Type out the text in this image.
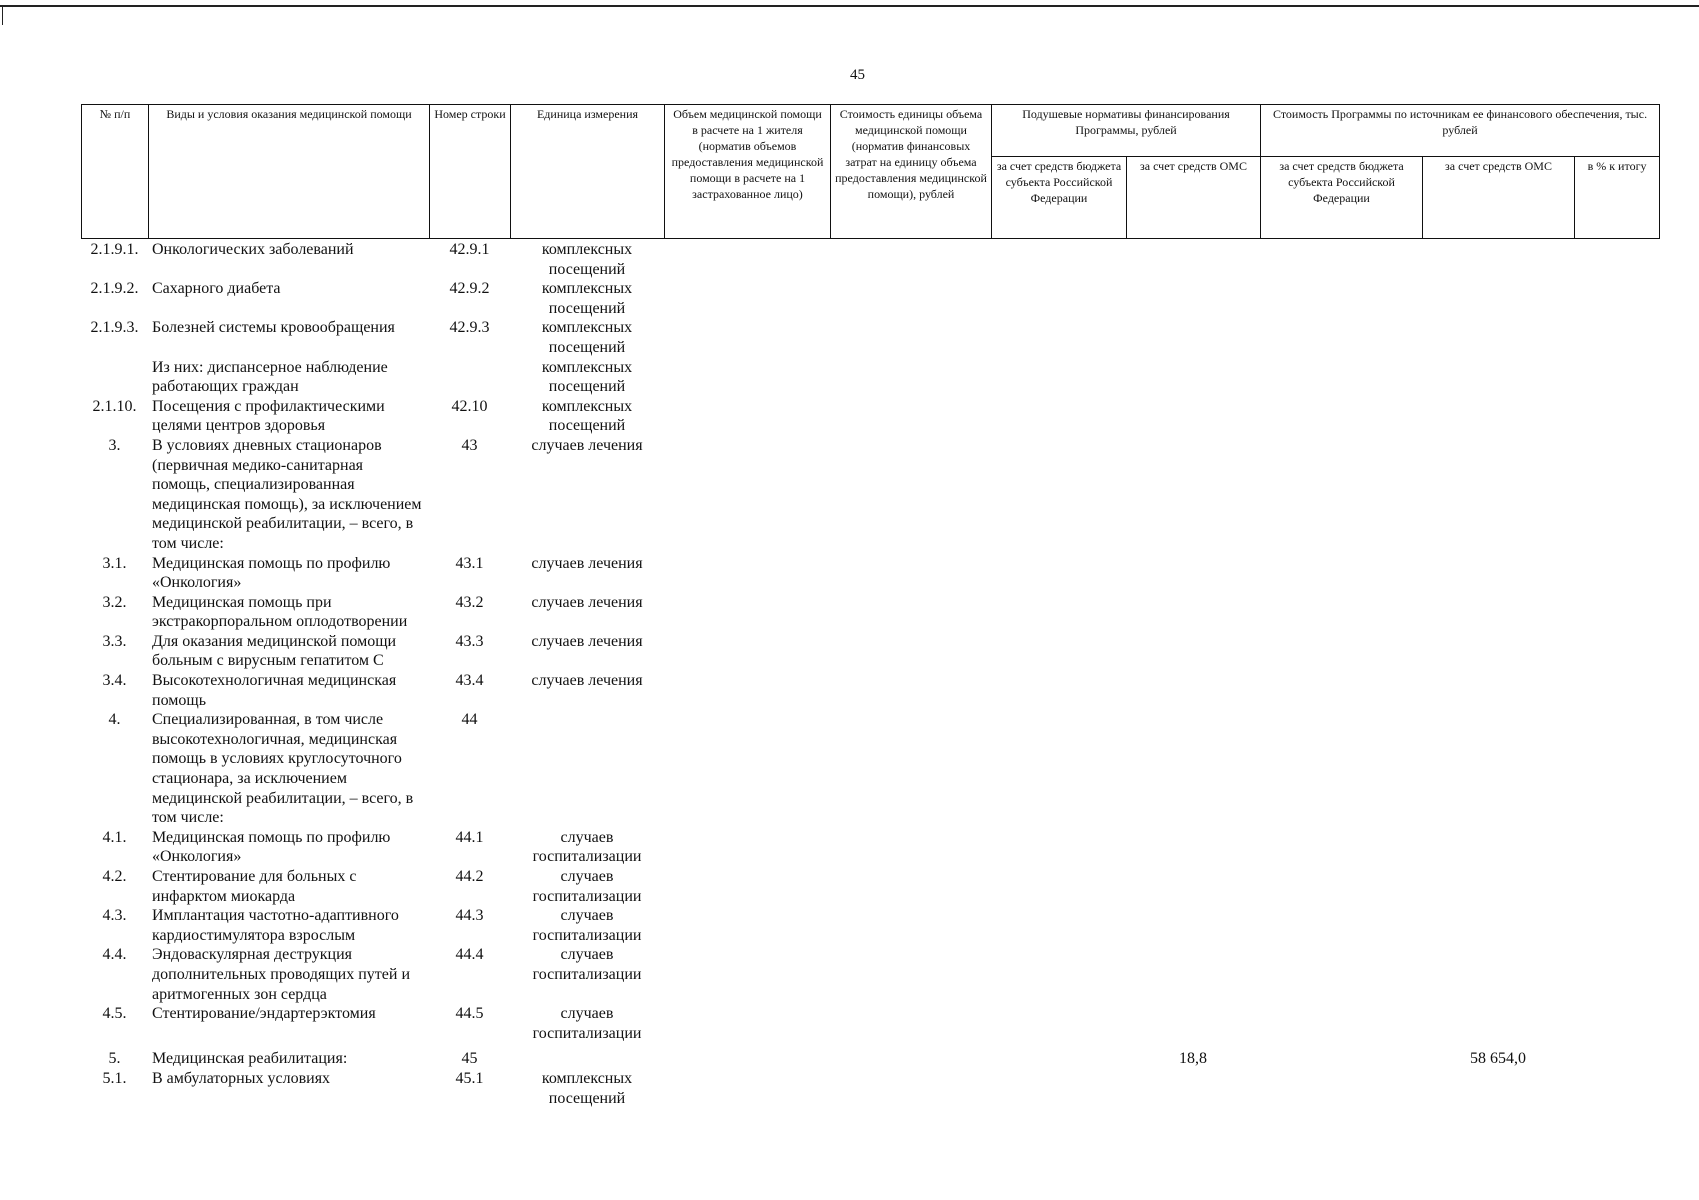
45
№ п/п	Виды и условия оказания медицинской помощи	Номер строки	Единица измерения	Объем медицинской помощи в расчете на 1 жителя (норматив объемов предоставления медицинской помощи в расчете на 1 застрахованное лицо)	Стоимость единицы объема медицинской помощи (норматив финансовых затрат на единицу объема предоставления медицинской помощи), рублей	Подушевые нормативы финансирования Программы, рублей		Стоимость Программы по источникам ее финансового обеспечения, тыс. рублей		
						за счет средств бюджета субъекта Российской Федерации	за счет средств ОМС	за счет средств бюджета субъекта Российской Федерации	за счет средств ОМС	в % к итогу
2.1.9.1.	Онкологических заболеваний	42.9.1	комплексных посещений							
2.1.9.2.	Сахарного диабета	42.9.2	комплексных посещений							
2.1.9.3.	Болезней системы кровообращения	42.9.3	комплексных посещений							
	Из них: диспансерное наблюдение работающих граждан		комплексных посещений							
2.1.10.	Посещения с профилактическими целями центров здоровья	42.10	комплексных посещений							
3.	В условиях дневных стационаров (первичная медико-санитарная помощь, специализированная медицинская помощь), за исключением медицинской реабилитации, – всего, в том числе:	43	случаев лечения							
3.1.	Медицинская помощь по профилю «Онкология»	43.1	случаев лечения							
3.2.	Медицинская помощь при экстракорпоральном оплодотворении	43.2	случаев лечения							
3.3.	Для оказания медицинской помощи больным с вирусным гепатитом С	43.3	случаев лечения							
3.4.	Высокотехнологичная медицинская помощь	43.4	случаев лечения							
4.	Специализированная, в том числе высокотехнологичная, медицинская помощь в условиях круглосуточного стационара, за исключением медицинской реабилитации, – всего, в том числе:	44								
4.1.	Медицинская помощь по профилю «Онкология»	44.1	случаев госпитализации							
4.2.	Стентирование для больных с инфарктом миокарда	44.2	случаев госпитализации							
4.3.	Имплантация частотно-адаптивного кардиостимулятора взрослым	44.3	случаев госпитализации							
4.4.	Эндоваскулярная деструкция дополнительных проводящих путей и аритмогенных зон сердца	44.4	случаев госпитализации							
4.5.	Стентирование/эндартерэктомия	44.5	случаев госпитализации							
5.	Медицинская реабилитация:	45					18,8		58 654,0	
5.1.	В амбулаторных условиях	45.1	комплексных посещений							
